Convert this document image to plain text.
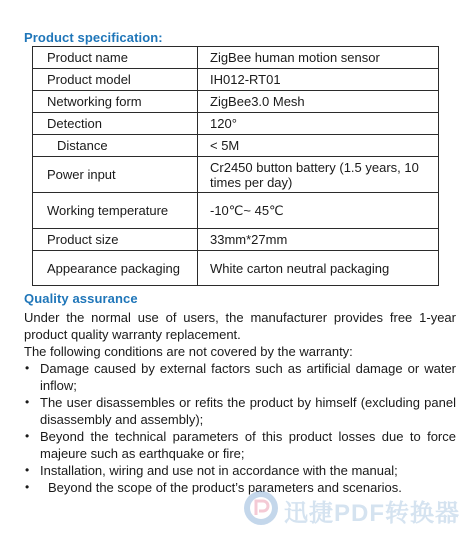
Product specification:
Product name	ZigBee human motion sensor
Product model	IH012-RT01
Networking form	ZigBee3.0 Mesh
Detection	120°
Distance	< 5M
Power input	Cr2450 button battery (1.5 years, 10 times per day)
Working temperature	-10℃~ 45℃
Product size	33mm*27mm
Appearance packaging	White carton neutral packaging
Quality assurance
Under the normal use of users, the manufacturer provides free 1-year product quality warranty replacement.
The following conditions are not covered by the warranty:
• Damage caused by external factors such as artificial damage or water inflow;
• The user disassembles or refits the product by himself (excluding panel disassembly and assembly);
• Beyond the technical parameters of this product losses due to force majeure such as earthquake or fire;
• Installation, wiring and use not in accordance with the manual;
• Beyond the scope of the product’s parameters and scenarios.
迅捷PDF转换器
